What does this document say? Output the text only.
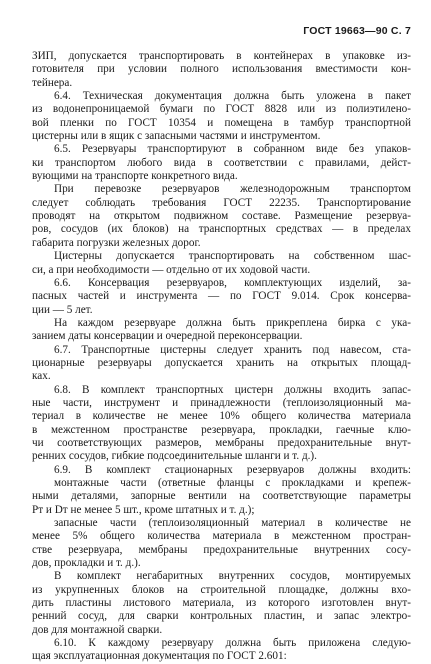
ГОСТ 19663—90 С. 7
ЗИП, допускается транспортировать в контейнерах в упаковке из-
готовителя при условии полного использования вместимости кон-
тейнера.
6.4. Техническая документация должна быть уложена в пакет
из водонепроницаемой бумаги по ГОСТ 8828 или из полиэтилено-
вой пленки по ГОСТ 10354 и помещена в тамбур транспортной
цистерны или в ящик с запасными частями и инструментом.
6.5. Резервуары транспортируют в собранном виде без упаков-
ки транспортом любого вида в соответствии с правилами, дейст-
вующими на транспорте конкретного вида.
При перевозке резервуаров железнодорожным транспортом
следует соблюдать требования ГОСТ 22235. Транспортирование
проводят на открытом подвижном составе. Размещение резервуа-
ров, сосудов (их блоков) на транспортных средствах — в пределах
габарита погрузки железных дорог.
Цистерны допускается транспортировать на собственном шас-
си, а при необходимости — отдельно от их ходовой части.
6.6. Консервация резервуаров, комплектующих изделий, за-
пасных частей и инструмента — по ГОСТ 9.014. Срок консерва-
ции — 5 лет.
На каждом резервуаре должна быть прикреплена бирка с ука-
занием даты консервации и очередной переконсервации.
6.7. Транспортные цистерны следует хранить под навесом, ста-
ционарные резервуары допускается хранить на открытых площад-
ках.
6.8. В комплект транспортных цистерн должны входить запас-
ные части, инструмент и принадлежности (теплоизоляционный ма-
териал в количестве не менее 10% общего количества материала
в межстенном пространстве резервуара, прокладки, гаечные клю-
чи соответствующих размеров, мембраны предохранительные внут-
ренних сосудов, гибкие подсоединительные шланги и т. д.).
6.9. В комплект стационарных резервуаров должны входить:
монтажные части (ответные фланцы с прокладками и крепеж-
ными деталями, запорные вентили на соответствующие параметры
Рт и Dт не менее 5 шт., кроме штатных и т. д.);
запасные части (теплоизоляционный материал в количестве не
менее 5% общего количества материала в межстенном простран-
стве резервуара, мембраны предохранительные внутренних сосу-
дов, прокладки и т. д.).
В комплект негабаритных внутренних сосудов, монтируемых
из укрупненных блоков на строительной площадке, должны вхо-
дить пластины листового материала, из которого изготовлен внут-
ренний сосуд, для сварки контрольных пластин, и запас электро-
дов для монтажной сварки.
6.10. К каждому резервуару должна быть приложена следую-
щая эксплуатационная документация по ГОСТ 2.601:
